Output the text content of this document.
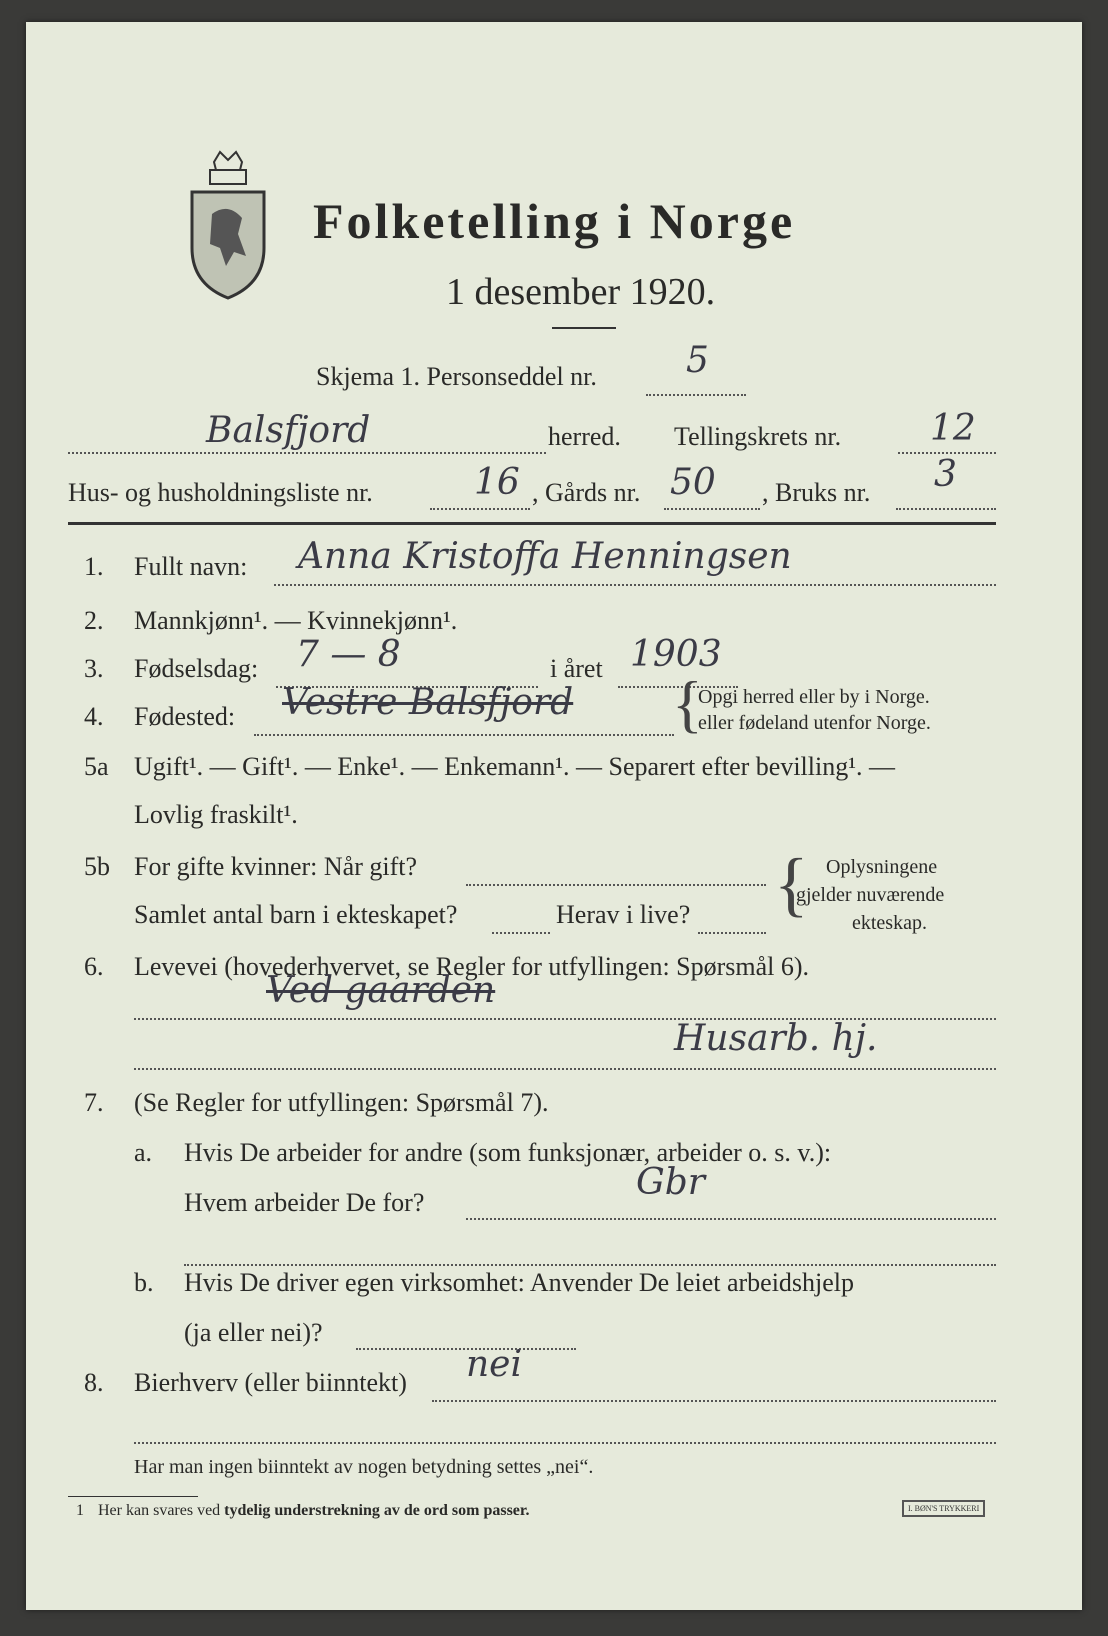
Folketelling i Norge
1 desember 1920.
Skjema 1. Personseddel nr. 5
Balsfjord	herred. Tellingskrets nr. 12
Hus- og husholdningsliste nr.	16 , Gårds nr. 50 , Bruks nr. 3
1. Fullt navn: Anna Kristoffa Henningsen
2. Mannkjønn¹. — Kvinnekjønn¹.
3. Fødselsdag: 7 — 8	i året 1903
4. Fødested: Vestre Balsfjord {
Opgi herred eller by i Norge.
eller fødeland utenfor Norge.
5a Ugift¹. — Gift¹. — Enke¹. — Enkemann¹. — Separert efter bevilling¹. —
Lovlig fraskilt¹.
5b For gifte kvinner: Når gift?
Samlet antal barn i ekteskapet?	Herav i live? { Oplysningene
gjelder nuværende
ekteskap.
6. Levevei (hovederhvervet, se Regler for utfyllingen: Spørsmål 6).
Ved gaarden
Husarb. hj.
7. (Se Regler for utfyllingen: Spørsmål 7).
a. Hvis De arbeider for andre (som funksjonær, arbeider o. s. v.):
Hvem arbeider De for?	Gbr
b. Hvis De driver egen virksomhet: Anvender De leiet arbeidshjelp
(ja eller nei)?
8. Bierhverv (eller biinntekt) nei
Har man ingen biinntekt av nogen betydning settes „nei“.
1 Her kan svares ved tydelig understrekning av de ord som passer.	I. BØN'S TRYKKERI
